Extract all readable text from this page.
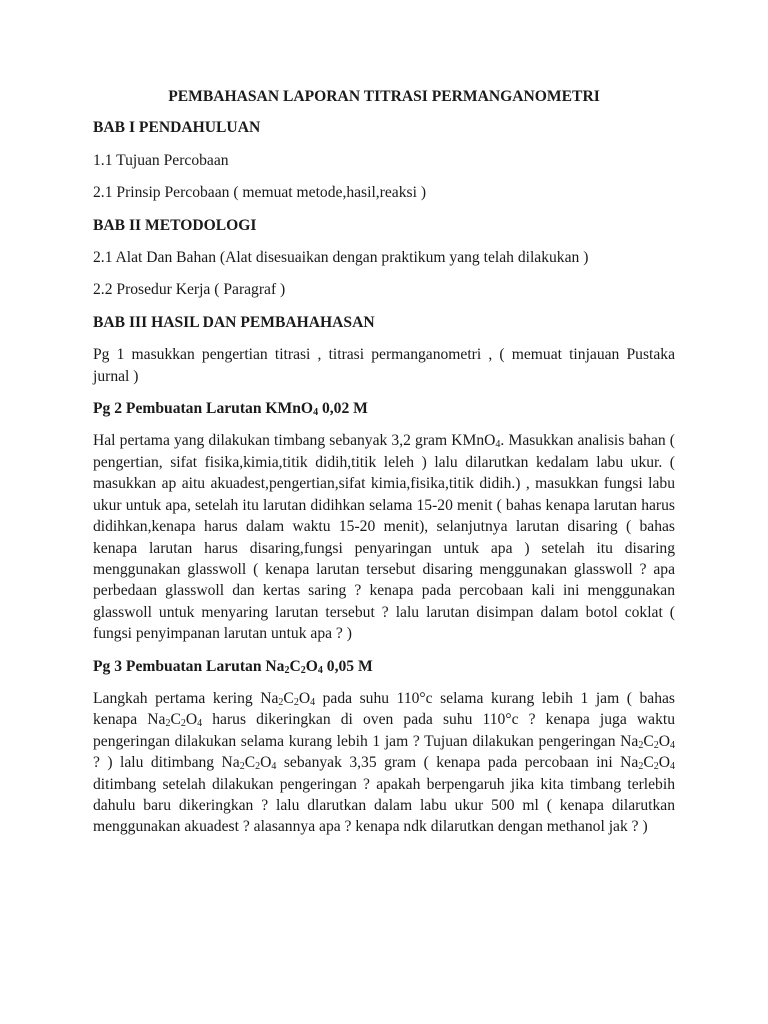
PEMBAHASAN LAPORAN TITRASI PERMANGANOMETRI
BAB I PENDAHULUAN
1.1 Tujuan Percobaan
2.1 Prinsip Percobaan ( memuat metode,hasil,reaksi )
BAB II METODOLOGI
2.1 Alat Dan Bahan (Alat disesuaikan dengan praktikum yang telah dilakukan )
2.2 Prosedur Kerja ( Paragraf )
BAB III HASIL DAN PEMBAHAHASAN
Pg 1 masukkan pengertian titrasi , titrasi permanganometri , ( memuat tinjauan Pustaka jurnal )
Pg 2 Pembuatan Larutan KMnO$_4$ 0,02 M
Hal pertama yang dilakukan timbang sebanyak 3,2 gram KMnO$_4$. Masukkan analisis bahan ( pengertian, sifat fisika,kimia,titik didih,titik leleh ) lalu dilarutkan kedalam labu ukur. ( masukkan ap aitu akuadest,pengertian,sifat kimia,fisika,titik didih.) , masukkan fungsi labu ukur untuk apa, setelah itu larutan didihkan selama 15-20 menit ( bahas kenapa larutan harus didihkan,kenapa harus dalam waktu 15-20 menit), selanjutnya larutan disaring ( bahas kenapa larutan harus disaring,fungsi penyaringan untuk apa ) setelah itu disaring menggunakan glasswoll ( kenapa larutan tersebut disaring menggunakan glasswoll ? apa perbedaan glasswoll dan kertas saring ? kenapa pada percobaan kali ini menggunakan glasswoll untuk menyaring larutan tersebut ? lalu larutan disimpan dalam botol coklat ( fungsi penyimpanan larutan untuk apa ? )
Pg 3 Pembuatan Larutan $Na_2C_2O_4$ 0,05 M
Langkah pertama kering $Na_2C_2O_4$ pada suhu 110°c selama kurang lebih 1 jam ( bahas kenapa $Na_2C_2O_4$ harus dikeringkan di oven pada suhu 110°c ? kenapa juga waktu pengeringan dilakukan selama kurang lebih 1 jam ? Tujuan dilakukan pengeringan $Na_2C_2O_4$ ? ) lalu ditimbang $Na_2C_2O_4$ sebanyak 3,35 gram ( kenapa pada percobaan ini $Na_2C_2O_4$ ditimbang setelah dilakukan pengeringan ? apakah berpengaruh jika kita timbang terlebih dahulu baru dikeringkan ? lalu dlarutkan dalam labu ukur 500 ml ( kenapa dilarutkan menggunakan akuadest ? alasannya apa ? kenapa ndk dilarutkan dengan methanol jak ? )
